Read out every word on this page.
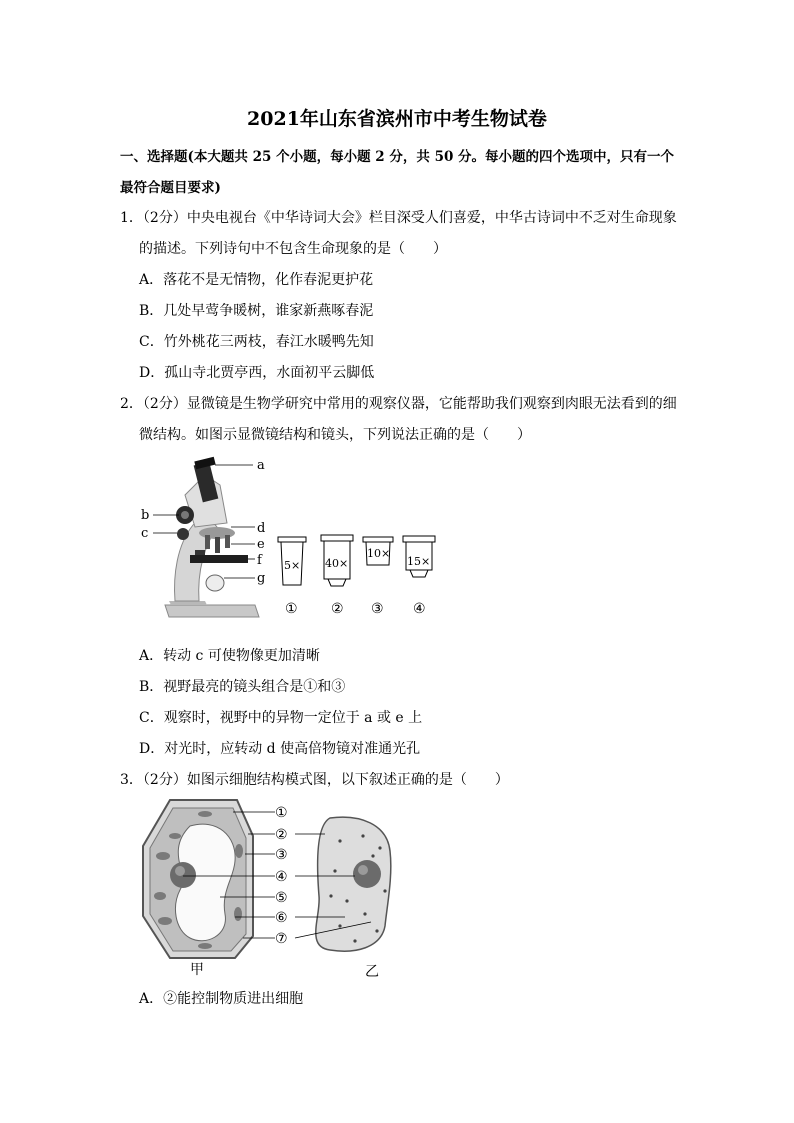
2021年山东省滨州市中考生物试卷
一、选择题(本大题共 25 个小题，每小题 2 分，共 50 分。每小题的四个选项中，只有一个
最符合题目要求)
1．（2分）中央电视台《中华诗词大会》栏目深受人们喜爱，中华古诗词中不乏对生命现象
的描述。下列诗句中不包含生命现象的是（　　）
A．落花不是无情物，化作春泥更护花
B．几处早莺争暖树，谁家新燕啄春泥
C．竹外桃花三两枝，春江水暖鸭先知
D．孤山寺北贾亭西，水面初平云脚低
2．（2分）显微镜是生物学研究中常用的观察仪器，它能帮助我们观察到肉眼无法看到的细
微结构。如图示显微镜结构和镜头，下列说法正确的是（　　）
a
b
c	d
e
f
g
5× 40×
10×
15×
① ② ③ ④
A．转动 c 可使物像更加清晰
B．视野最亮的镜头组合是①和③
C．观察时，视野中的异物一定位于 a 或 e 上
D．对光时，应转动 d 使高倍物镜对准通光孔
3．（2分）如图示细胞结构模式图，以下叙述正确的是（　　）
①
②
③
④
⑤
⑥
⑦
甲	乙
A．②能控制物质进出细胞
